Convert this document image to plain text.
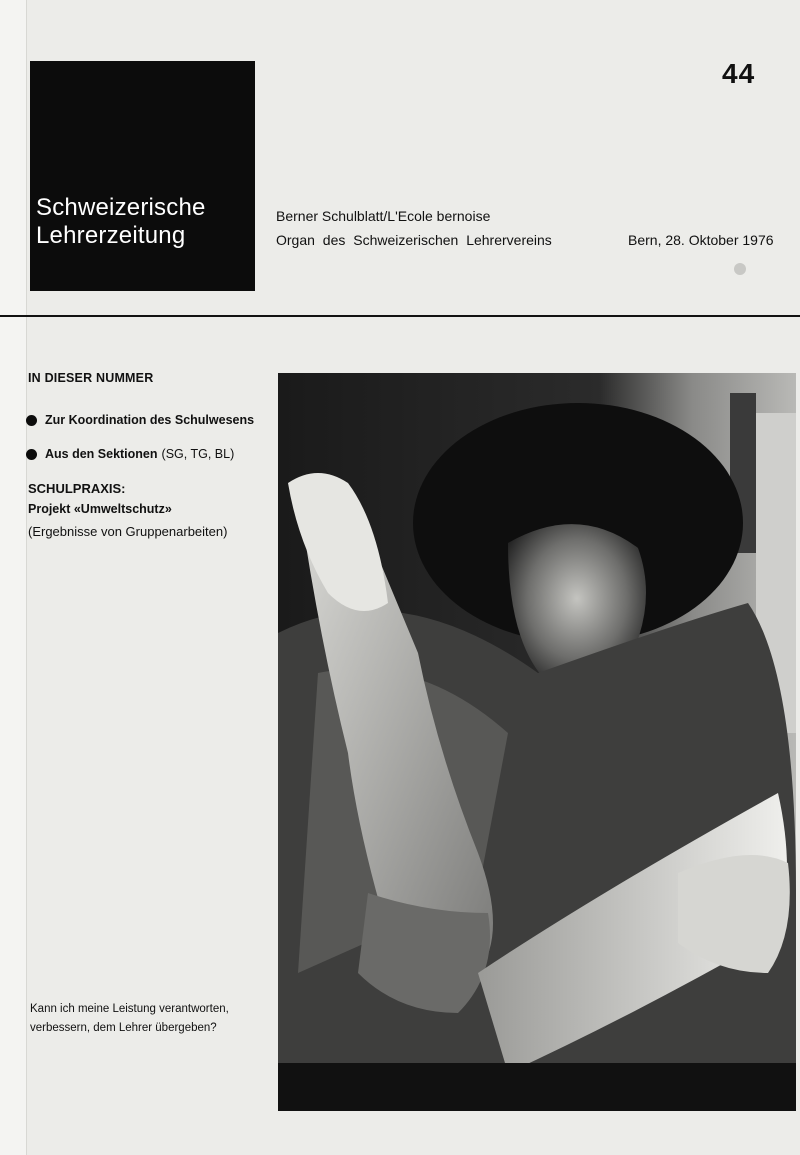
Schweizerische
Lehrerzeitung
44
Berner Schulblatt/L'Ecole bernoise
Organ des Schweizerischen Lehrervereins	Bern, 28. Oktober 1976
IN DIESER NUMMER
Zur Koordination des Schulwesens
Aus den Sektionen (SG, TG, BL)
SCHULPRAXIS:
Projekt «Umweltschutz»
(Ergebnisse von Gruppenarbeiten)
Kann ich meine Leistung verantworten, verbessern, dem Lehrer übergeben?
